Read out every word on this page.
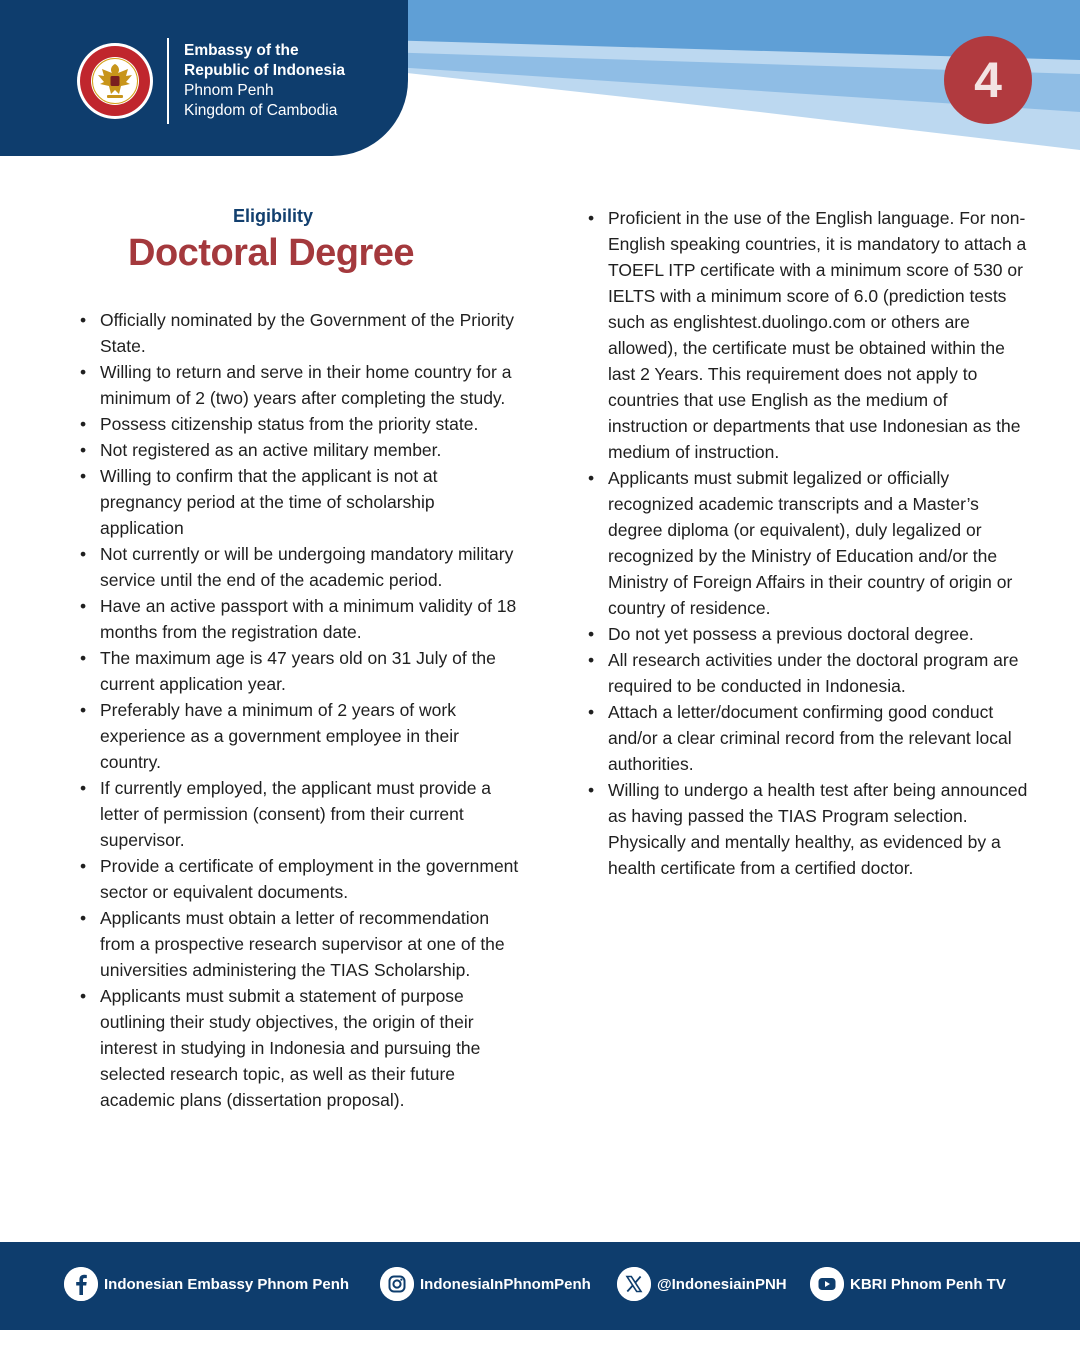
Embassy of the
Republic of Indonesia
Phnom Penh
Kingdom of Cambodia
4
Eligibility
Doctoral Degree
• Officially nominated by the Government of the Priority State.
• Willing to return and serve in their home country for a minimum of 2 (two) years after completing the study.
• Possess citizenship status from the priority state.
• Not registered as an active military member.
• Willing to confirm that the applicant is not at pregnancy period at the time of scholarship application
• Not currently or will be undergoing mandatory military service until the end of the academic period.
• Have an active passport with a minimum validity of 18 months from the registration date.
• The maximum age is 47 years old on 31 July of the current application year.
• Preferably have a minimum of 2 years of work experience as a government employee in their country.
• If currently employed, the applicant must provide a letter of permission (consent) from their current supervisor.
• Provide a certificate of employment in the government sector or equivalent documents.
• Applicants must obtain a letter of recommendation from a prospective research supervisor at one of the universities administering the TIAS Scholarship.
• Applicants must submit a statement of purpose outlining their study objectives, the origin of their interest in studying in Indonesia and pursuing the selected research topic, as well as their future academic plans (dissertation proposal).
• Proficient in the use of the English language. For non-English speaking countries, it is mandatory to attach a TOEFL ITP certificate with a minimum score of 530 or IELTS with a minimum score of 6.0 (prediction tests such as englishtest.duolingo.com or others are allowed), the certificate must be obtained within the last 2 Years. This requirement does not apply to countries that use English as the medium of instruction or departments that use Indonesian as the medium of instruction.
• Applicants must submit legalized or officially recognized academic transcripts and a Master’s degree diploma (or equivalent), duly legalized or recognized by the Ministry of Education and/or the Ministry of Foreign Affairs in their country of origin or country of residence.
• Do not yet possess a previous doctoral degree.
• All research activities under the doctoral program are required to be conducted in Indonesia.
• Attach a letter/document confirming good conduct and/or a clear criminal record from the relevant local authorities.
• Willing to undergo a health test after being announced as having passed the TIAS Program selection. Physically and mentally healthy, as evidenced by a health certificate from a certified doctor.
Indonesian Embassy Phnom Penh	IndonesiaInPhnomPenh	@IndonesiainPNH	KBRI Phnom Penh TV
